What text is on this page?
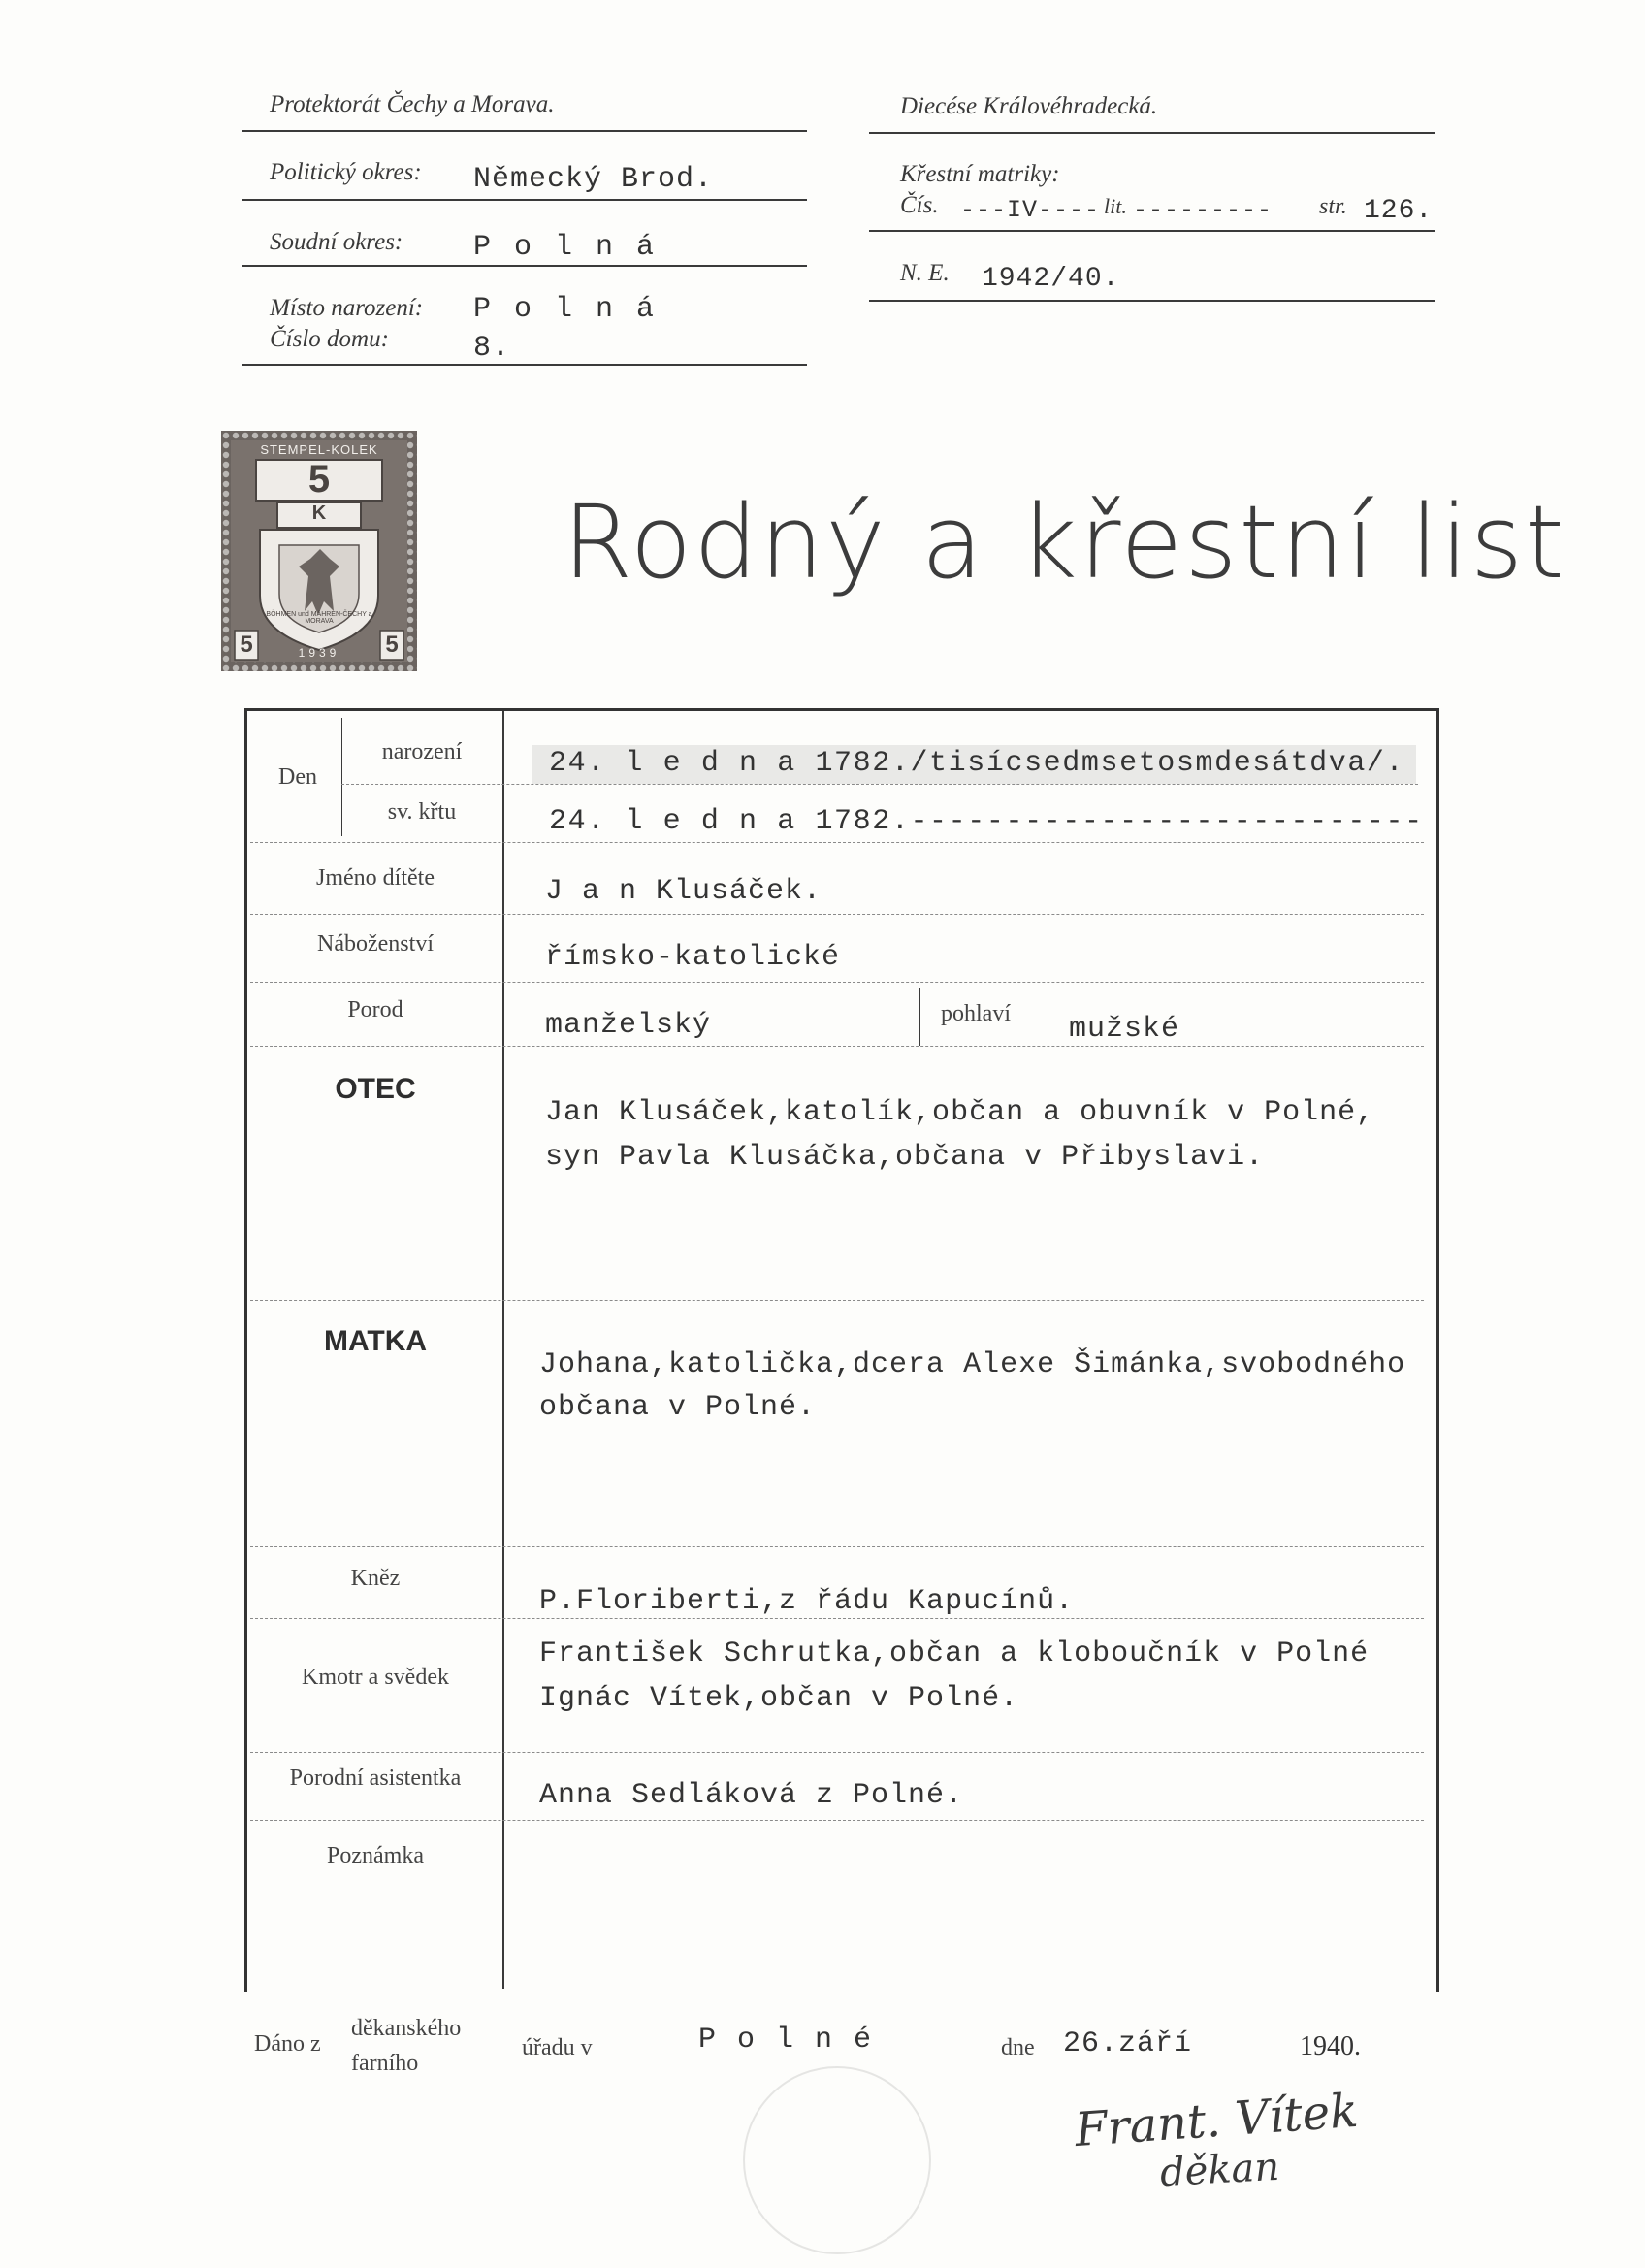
Protektorát Čechy a Morava.
Politický okres: Německý Brod.
Soudní okres: P o l n á
Místo narození: P o l n á
Číslo domu:	8.
Diecése Královéhradecká.
Křestní matriky:
Čís. ---IV---- lit. --------- str. 126.
N. E. 1942/40.
STEMPEL-KOLEK
5
K
5	5
1939
BÖHMEN und MÄHREN-ČECHY a MORAVA
Rodný a křestní list
Den
narození	24. l e d n a 1782./tisícsedmsetosmdesátdva/.
sv. křtu	24. l e d n a 1782.---------------------------
Jméno dítěte	J a n Klusáček.
Náboženství	římsko-katolické
Porod	manželský	pohlaví mužské
OTEC
Jan Klusáček,katolík,občan a obuvník v Polné,
syn Pavla Klusáčka,občana v Přibyslavi.
MATKA
Johana,katolička,dcera Alexe Šimánka,svobodného
občana v Polné.
Kněz
P.Floriberti,z řádu Kapucínů.
Kmotr a svědek
František Schrutka,občan a kloboučník v Polné
Ignác Vítek,občan v Polné.
Porodní asistentka
Anna Sedláková z Polné.
Poznámka
Dáno z
děkanského
farního
úřadu v	P o l n é	dne 26.září	1940.
Frant. Vítek
děkan
